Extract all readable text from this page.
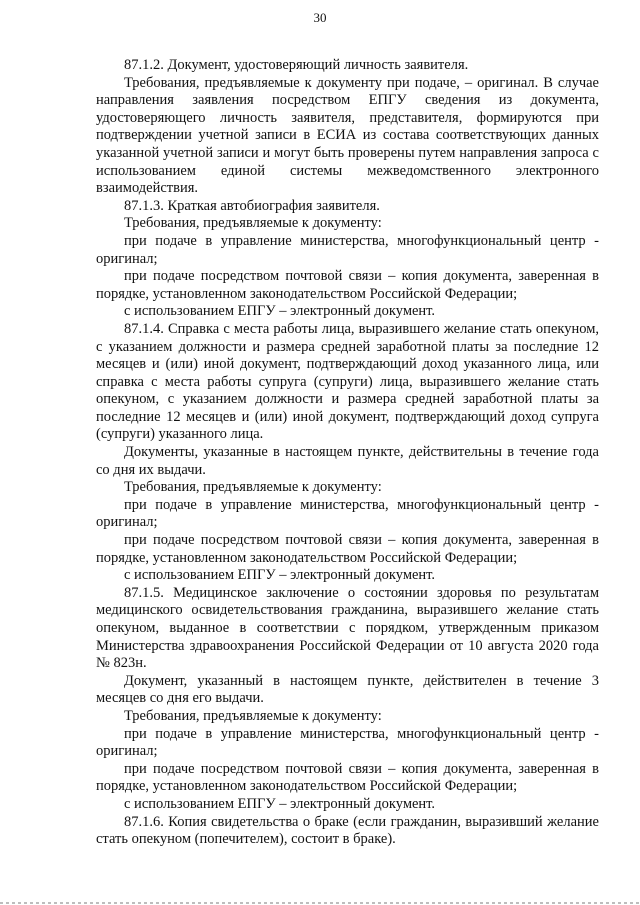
30

87.1.2. Документ, удостоверяющий личность заявителя.

Требования, предъявляемые к документу при подаче, – оригинал. В случае направления заявления посредством ЕПГУ сведения из документа, удостоверяющего личность заявителя, представителя, формируются при подтверждении учетной записи в ЕСИА из состава соответствующих данных указанной учетной записи и могут быть проверены путем направления запроса с использованием единой системы межведомственного электронного взаимодействия.

87.1.3. Краткая автобиография заявителя.

Требования, предъявляемые к документу:

при подаче в управление министерства, многофункциональный центр - оригинал;

при подаче посредством почтовой связи – копия документа, заверенная в порядке, установленном законодательством Российской Федерации;

с использованием ЕПГУ – электронный документ.

87.1.4. Справка с места работы лица, выразившего желание стать опекуном, с указанием должности и размера средней заработной платы за последние 12 месяцев и (или) иной документ, подтверждающий доход указанного лица, или справка с места работы супруга (супруги) лица, выразившего желание стать опекуном, с указанием должности и размера средней заработной платы за последние 12 месяцев и (или) иной документ, подтверждающий доход супруга (супруги) указанного лица.

Документы, указанные в настоящем пункте, действительны в течение года со дня их выдачи.

Требования, предъявляемые к документу:

при подаче в управление министерства, многофункциональный центр - оригинал;

при подаче посредством почтовой связи – копия документа, заверенная в порядке, установленном законодательством Российской Федерации;

с использованием ЕПГУ – электронный документ.

87.1.5. Медицинское заключение о состоянии здоровья по результатам медицинского освидетельствования гражданина, выразившего желание стать опекуном, выданное в соответствии с порядком, утвержденным приказом Министерства здравоохранения Российской Федерации от 10 августа 2020 года № 823н.

Документ, указанный в настоящем пункте, действителен в течение 3 месяцев со дня его выдачи.

Требования, предъявляемые к документу:

при подаче в управление министерства, многофункциональный центр - оригинал;

при подаче посредством почтовой связи – копия документа, заверенная в порядке, установленном законодательством Российской Федерации;

с использованием ЕПГУ – электронный документ.

87.1.6. Копия свидетельства о браке (если гражданин, выразивший желание стать опекуном (попечителем), состоит в браке).
